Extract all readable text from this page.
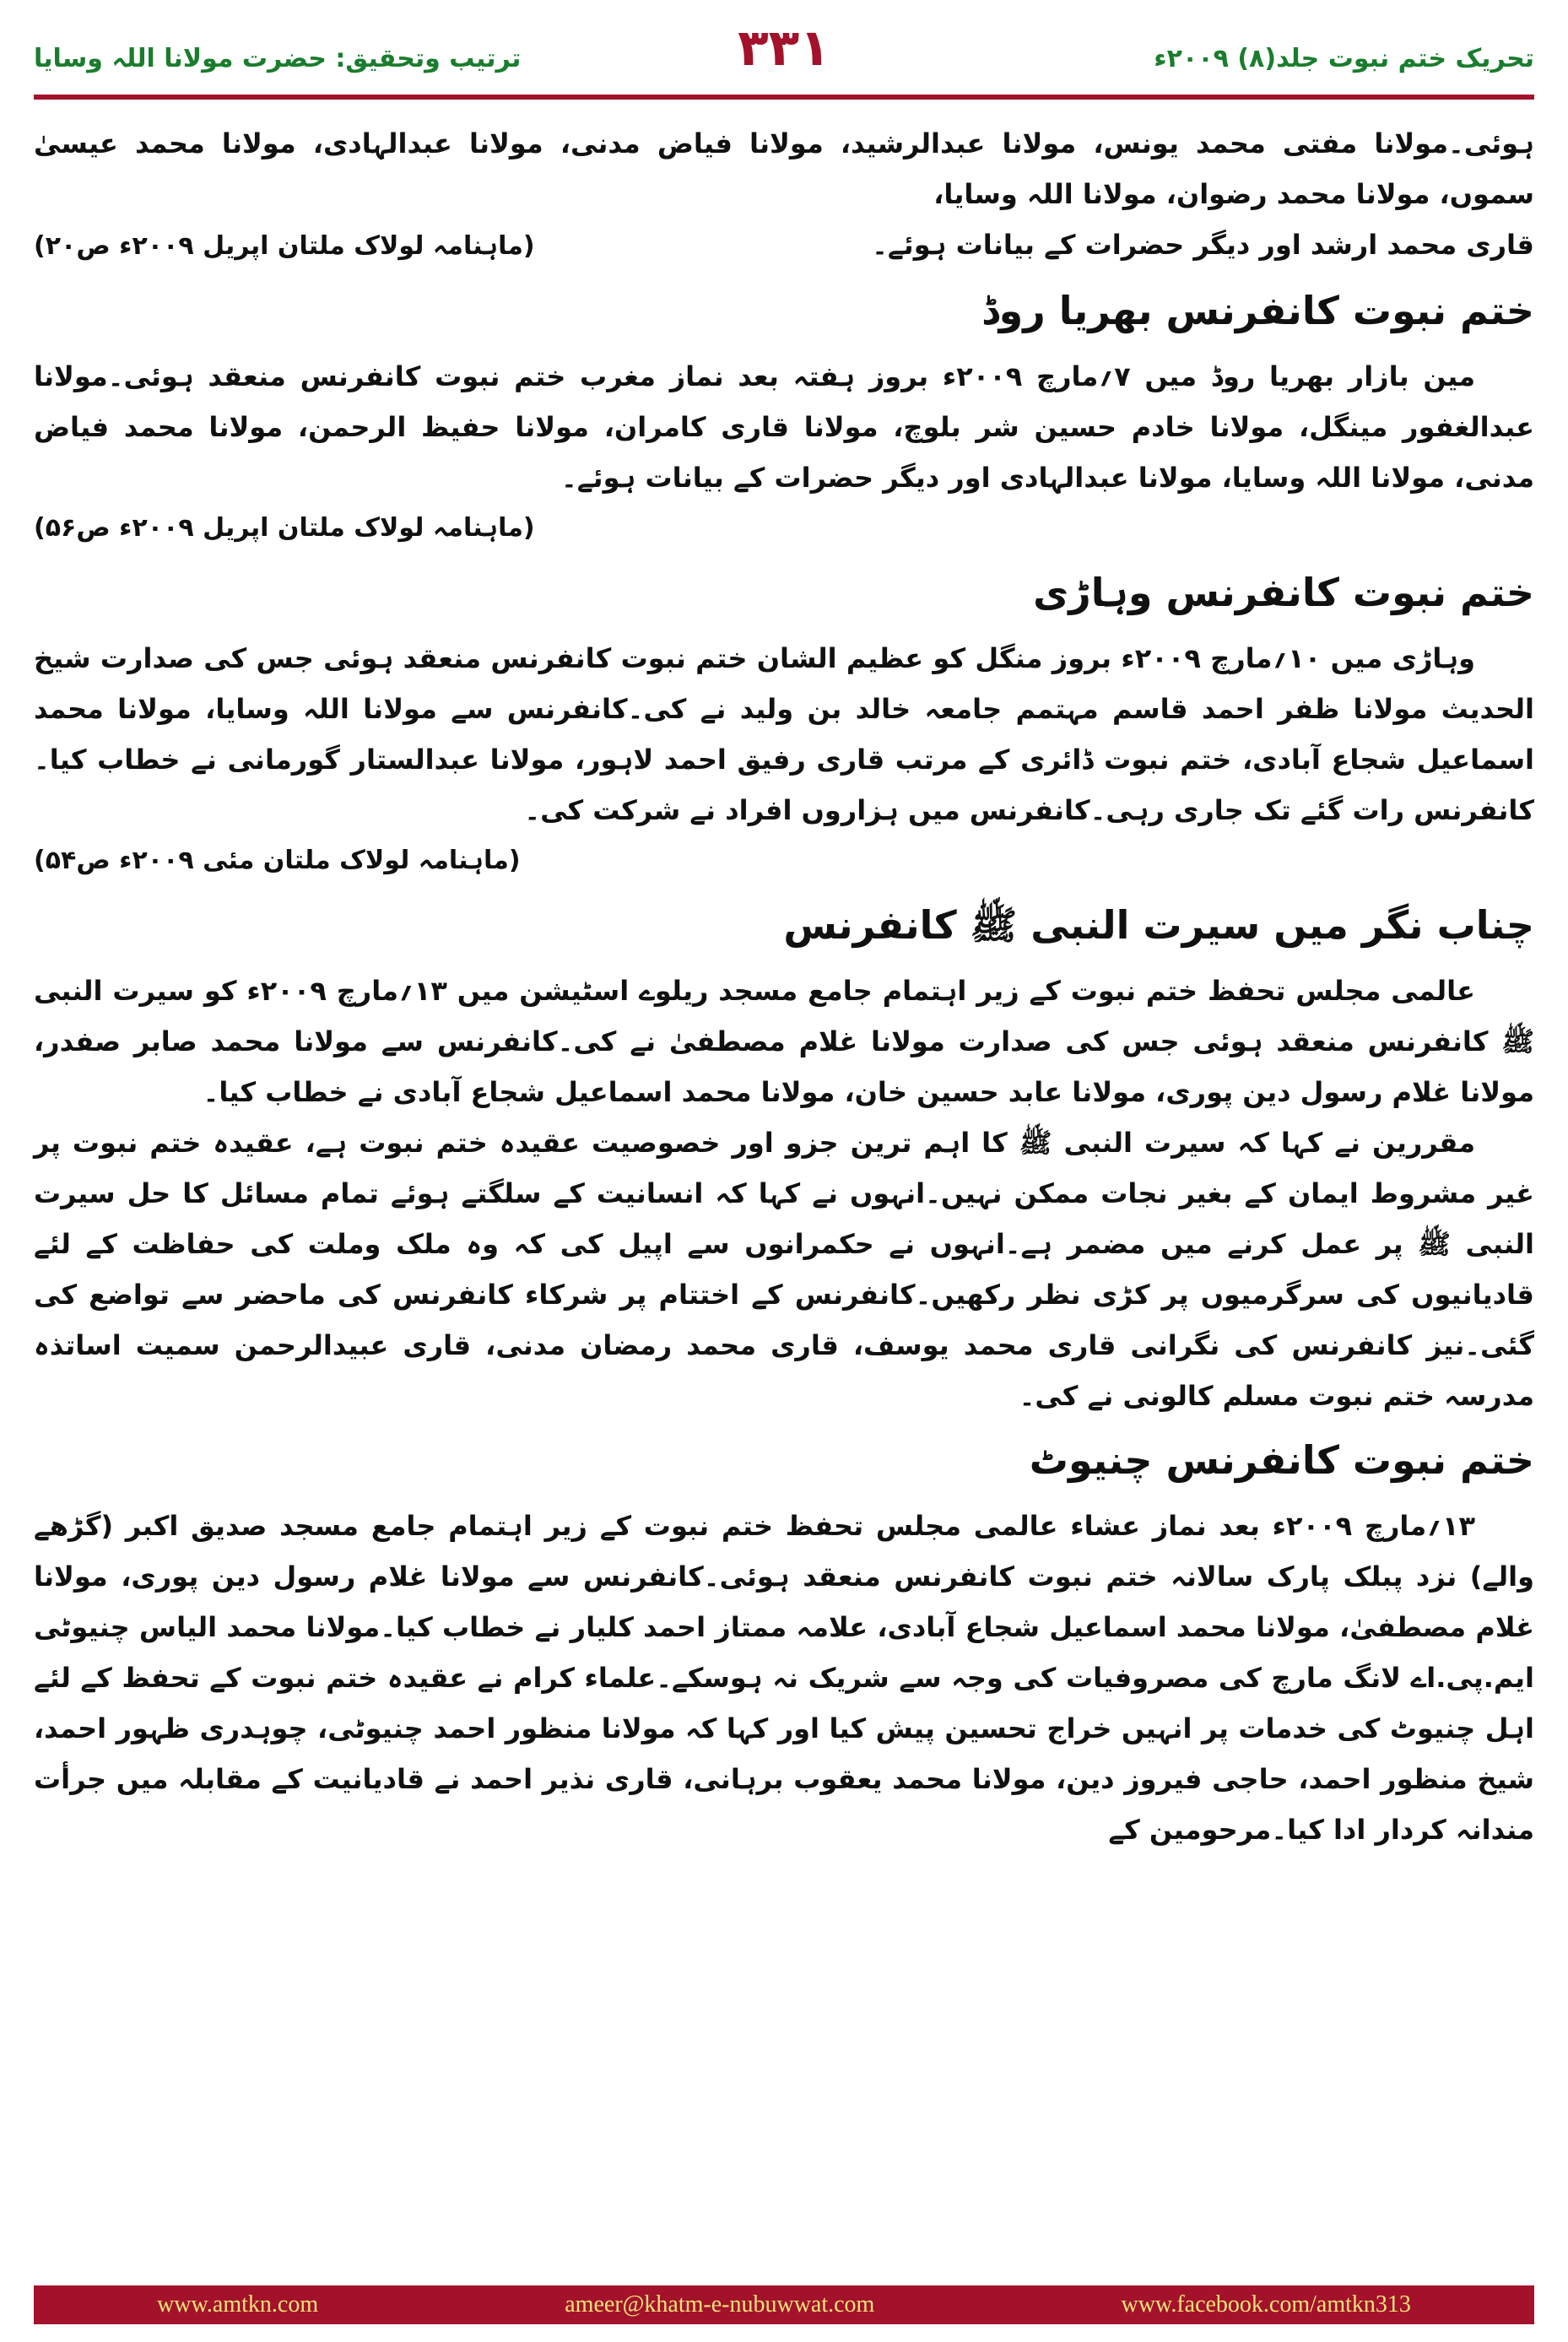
ترتیب وتحقیق: حضرت مولانا اللہ وسایا	۳۳۱	تحریک ختم نبوت جلد(۸) ۲۰۰۹ء

ہوئی۔مولانا مفتی محمد یونس، مولانا عبدالرشید، مولانا فیاض مدنی، مولانا عبدالہادی، مولانا محمد عیسیٰ سموں، مولانا محمد رضوان، مولانا اللہ وسایا،

قاری محمد ارشد اور دیگر حضرات کے بیانات ہوئے۔

(ماہنامہ لولاک ملتان اپریل ۲۰۰۹ء ص۲۰)

ختم نبوت کانفرنس بھریا روڈ

مین بازار بھریا روڈ میں ۷؍مارچ ۲۰۰۹ء بروز ہفتہ بعد نماز مغرب ختم نبوت کانفرنس منعقد ہوئی۔مولانا عبدالغفور مینگل، مولانا خادم حسین شر بلوچ، مولانا قاری کامران، مولانا حفیظ الرحمن، مولانا محمد فیاض مدنی، مولانا اللہ وسایا، مولانا عبدالہادی اور دیگر حضرات کے بیانات ہوئے۔

(ماہنامہ لولاک ملتان اپریل ۲۰۰۹ء ص۵۶)

ختم نبوت کانفرنس وہاڑی

وہاڑی میں ۱۰؍مارچ ۲۰۰۹ء بروز منگل کو عظیم الشان ختم نبوت کانفرنس منعقد ہوئی جس کی صدارت شیخ الحدیث مولانا ظفر احمد قاسم مہتمم جامعہ خالد بن ولید نے کی۔کانفرنس سے مولانا اللہ وسایا، مولانا محمد اسماعیل شجاع آبادی، ختم نبوت ڈائری کے مرتب قاری رفیق احمد لاہور، مولانا عبدالستار گورمانی نے خطاب کیا۔کانفرنس رات گئے تک جاری رہی۔کانفرنس میں ہزاروں افراد نے شرکت کی۔

(ماہنامہ لولاک ملتان مئی ۲۰۰۹ء ص۵۴)

چناب نگر میں سیرت النبی ﷺ کانفرنس

عالمی مجلس تحفظ ختم نبوت کے زیر اہتمام جامع مسجد ریلوے اسٹیشن میں ۱۳؍مارچ ۲۰۰۹ء کو سیرت النبی ﷺ کانفرنس منعقد ہوئی جس کی صدارت مولانا غلام مصطفیٰ نے کی۔کانفرنس سے مولانا محمد صابر صفدر، مولانا غلام رسول دین پوری، مولانا عابد حسین خان، مولانا محمد اسماعیل شجاع آبادی نے خطاب کیا۔

مقررین نے کہا کہ سیرت النبی ﷺ کا اہم ترین جزو اور خصوصیت عقیدہ ختم نبوت ہے، عقیدہ ختم نبوت پر غیر مشروط ایمان کے بغیر نجات ممکن نہیں۔انہوں نے کہا کہ انسانیت کے سلگتے ہوئے تمام مسائل کا حل سیرت النبی ﷺ پر عمل کرنے میں مضمر ہے۔انہوں نے حکمرانوں سے اپیل کی کہ وہ ملک وملت کی حفاظت کے لئے قادیانیوں کی سرگرمیوں پر کڑی نظر رکھیں۔کانفرنس کے اختتام پر شرکاء کانفرنس کی ماحضر سے تواضع کی گئی۔نیز کانفرنس کی نگرانی قاری محمد یوسف، قاری محمد رمضان مدنی، قاری عبیدالرحمن سمیت اساتذہ مدرسہ ختم نبوت مسلم کالونی نے کی۔

ختم نبوت کانفرنس چنیوٹ

۱۳؍مارچ ۲۰۰۹ء بعد نماز عشاء عالمی مجلس تحفظ ختم نبوت کے زیر اہتمام جامع مسجد صدیق اکبر (گڑھے والے) نزد پبلک پارک سالانہ ختم نبوت کانفرنس منعقد ہوئی۔کانفرنس سے مولانا غلام رسول دین پوری، مولانا غلام مصطفیٰ، مولانا محمد اسماعیل شجاع آبادی، علامہ ممتاز احمد کلیار نے خطاب کیا۔مولانا محمد الیاس چنیوٹی ایم.پی.اے لانگ مارچ کی مصروفیات کی وجہ سے شریک نہ ہوسکے۔علماء کرام نے عقیدہ ختم نبوت کے تحفظ کے لئے اہل چنیوٹ کی خدمات پر انہیں خراج تحسین پیش کیا اور کہا کہ مولانا منظور احمد چنیوٹی، چوہدری ظہور احمد، شیخ منظور احمد، حاجی فیروز دین، مولانا محمد یعقوب برہانی، قاری نذیر احمد نے قادیانیت کے مقابلہ میں جرأت مندانہ کردار ادا کیا۔مرحومین کے

www.amtkn.com	ameer@khatm-e-nubuwwat.com	www.facebook.com/amtkn313
